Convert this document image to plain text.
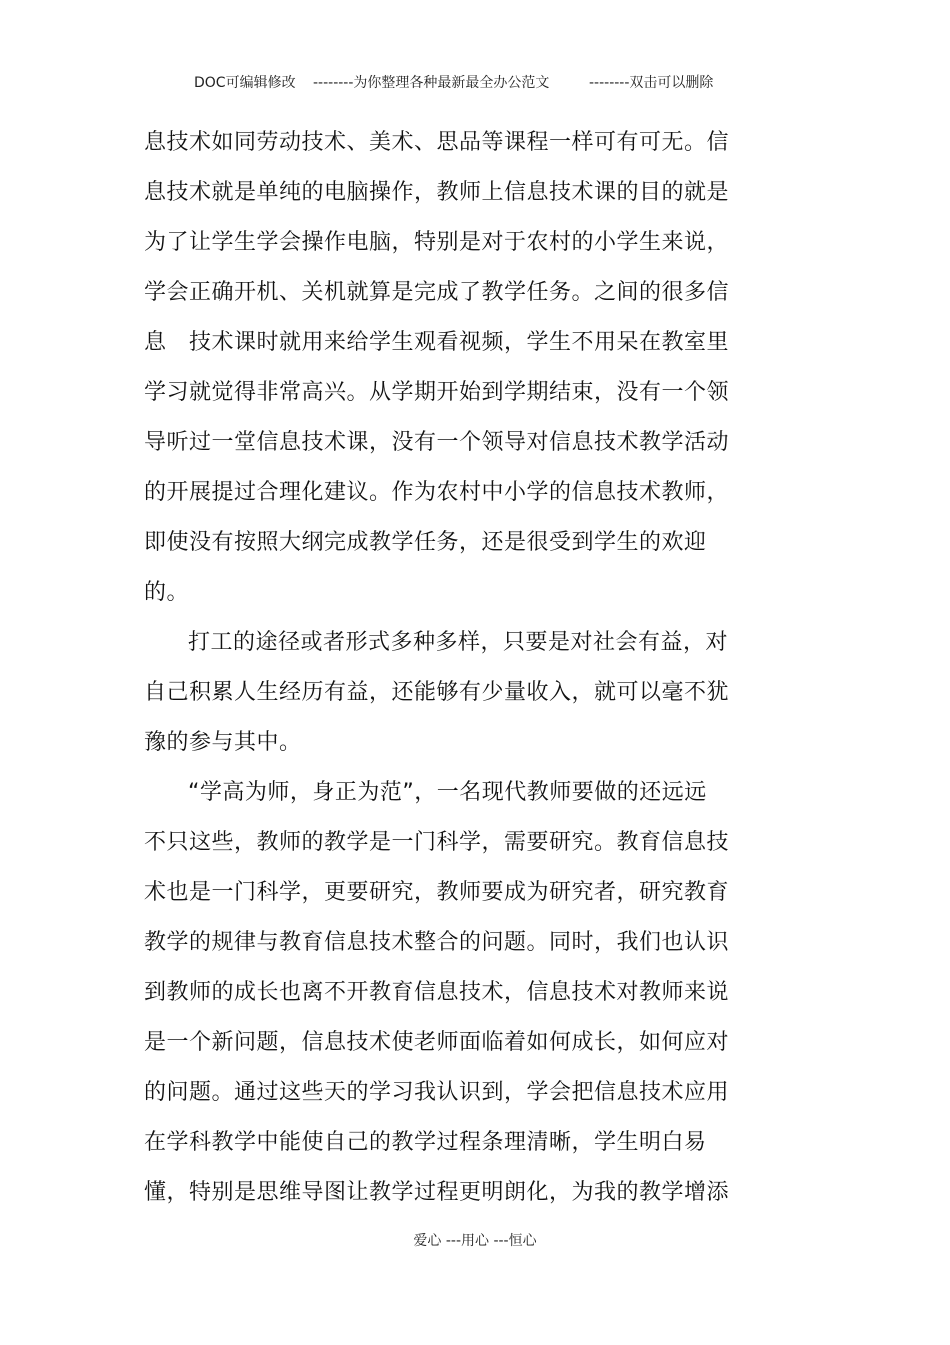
DOC可编辑修改 --------为你整理各种最新最全办公范文	--------双击可以删除
息技术如同劳动技术、美术、思品等课程一样可有可无。信
息技术就是单纯的电脑操作，教师上信息技术课的目的就是
为了让学生学会操作电脑，特别是对于农村的小学生来说，
学会正确开机、关机就算是完成了教学任务。之间的很多信
息　技术课时就用来给学生观看视频，学生不用呆在教室里
学习就觉得非常高兴。从学期开始到学期结束，没有一个领
导听过一堂信息技术课，没有一个领导对信息技术教学活动
的开展提过合理化建议。作为农村中小学的信息技术教师，
即使没有按照大纲完成教学任务，还是很受到学生的欢迎
的。
打工的途径或者形式多种多样，只要是对社会有益，对
自己积累人生经历有益，还能够有少量收入，就可以毫不犹
豫的参与其中。
“学高为师，身正为范”，一名现代教师要做的还远远
不只这些，教师的教学是一门科学，需要研究。教育信息技
术也是一门科学，更要研究，教师要成为研究者，研究教育
教学的规律与教育信息技术整合的问题。同时，我们也认识
到教师的成长也离不开教育信息技术，信息技术对教师来说
是一个新问题，信息技术使老师面临着如何成长，如何应对
的问题。通过这些天的学习我认识到，学会把信息技术应用
在学科教学中能使自己的教学过程条理清晰，学生明白易
懂，特别是思维导图让教学过程更明朗化，为我的教学增添
爱心 ---用心 ---恒心
